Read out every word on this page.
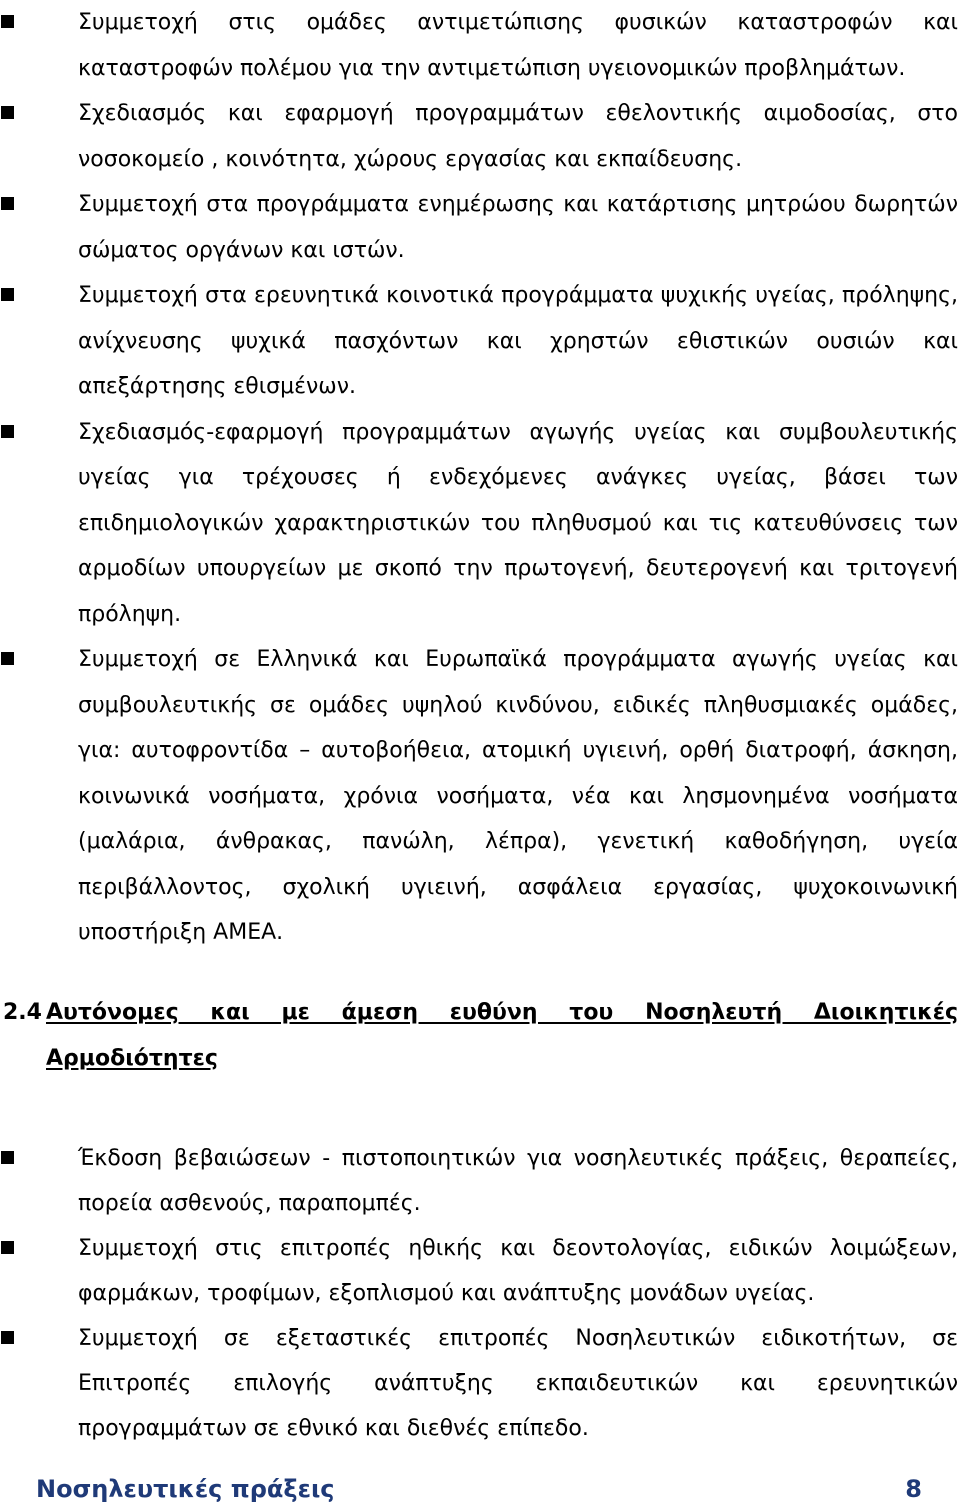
Συμμετοχή στις ομάδες αντιμετώπισης φυσικών καταστροφών και καταστροφών πολέμου για την αντιμετώπιση υγειονομικών προβλημάτων.
Σχεδιασμός και εφαρμογή προγραμμάτων εθελοντικής αιμοδοσίας, στο νοσοκομείο , κοινότητα, χώρους εργασίας και εκπαίδευσης.
Συμμετοχή στα προγράμματα ενημέρωσης και κατάρτισης μητρώου δωρητών σώματος οργάνων και ιστών.
Συμμετοχή στα ερευνητικά κοινοτικά προγράμματα ψυχικής υγείας, πρόληψης, ανίχνευσης ψυχικά πασχόντων και χρηστών εθιστικών ουσιών και απεξάρτησης εθισμένων.
Σχεδιασμός-εφαρμογή προγραμμάτων αγωγής υγείας και συμβουλευτικής υγείας για τρέχουσες ή ενδεχόμενες ανάγκες υγείας, βάσει των επιδημιολογικών χαρακτηριστικών του πληθυσμού και τις κατευθύνσεις των αρμοδίων υπουργείων με σκοπό την πρωτογενή, δευτερογενή και τριτογενή πρόληψη.
Συμμετοχή σε Ελληνικά και Ευρωπαϊκά προγράμματα αγωγής υγείας και συμβουλευτικής σε ομάδες υψηλού κινδύνου, ειδικές πληθυσμιακές ομάδες, για: αυτοφροντίδα – αυτοβοήθεια, ατομική υγιεινή, ορθή διατροφή, άσκηση, κοινωνικά νοσήματα, χρόνια νοσήματα, νέα και λησμονημένα νοσήματα (μαλάρια, άνθρακας, πανώλη, λέπρα), γενετική καθοδήγηση, υγεία περιβάλλοντος, σχολική υγιεινή, ασφάλεια εργασίας, ψυχοκοινωνική υποστήριξη ΑΜΕΑ.
2.4 Αυτόνομες και με άμεση ευθύνη του Νοσηλευτή Διοικητικές Αρμοδιότητες
Έκδοση βεβαιώσεων - πιστοποιητικών για νοσηλευτικές πράξεις, θεραπείες, πορεία ασθενούς, παραπομπές.
Συμμετοχή στις επιτροπές ηθικής και δεοντολογίας, ειδικών λοιμώξεων, φαρμάκων, τροφίμων, εξοπλισμού και ανάπτυξης μονάδων υγείας.
Συμμετοχή σε εξεταστικές επιτροπές Νοσηλευτικών ειδικοτήτων, σε Επιτροπές επιλογής ανάπτυξης εκπαιδευτικών και ερευνητικών προγραμμάτων σε εθνικό και διεθνές επίπεδο.
Νοσηλευτικές πράξεις	8
